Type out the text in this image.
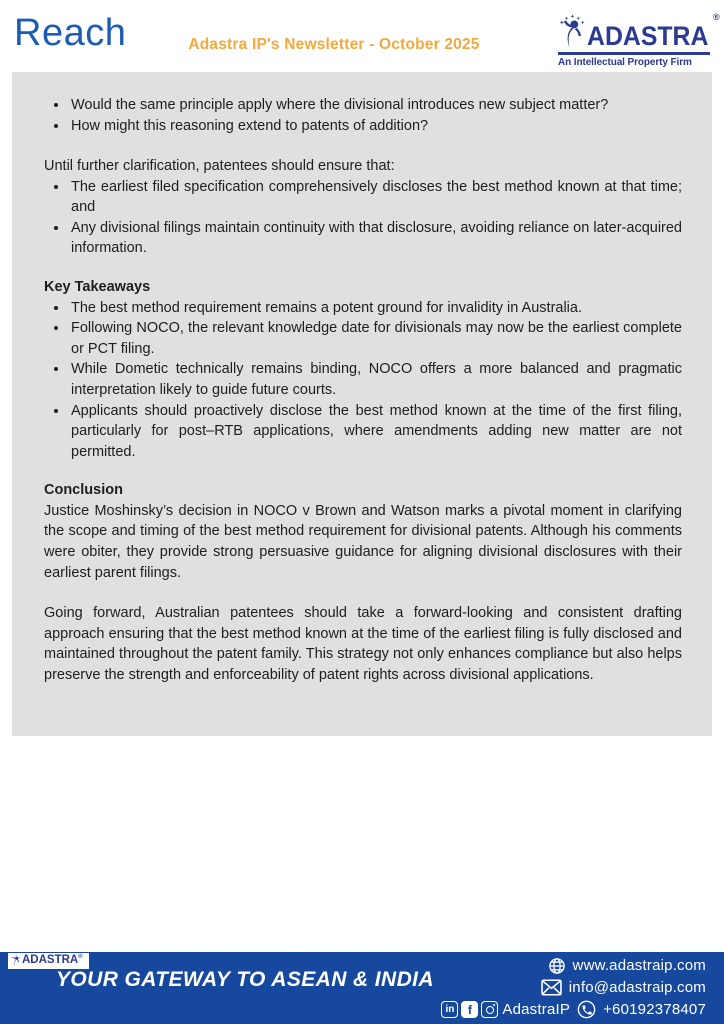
Reach	Adastra IP's Newsletter - October 2025	ADASTRA
®
An Intellectual Property Firm
• Would the same principle apply where the divisional introduces new subject matter?
• How might this reasoning extend to patents of addition?
Until further clarification, patentees should ensure that:
• The earliest filed specification comprehensively discloses the best method known at that time; and
• Any divisional filings maintain continuity with that disclosure, avoiding reliance on later-acquired information.
Key Takeaways
• The best method requirement remains a potent ground for invalidity in Australia.
• Following NOCO, the relevant knowledge date for divisionals may now be the earliest complete or PCT filing.
• While Dometic technically remains binding, NOCO offers a more balanced and pragmatic interpretation likely to guide future courts.
• Applicants should proactively disclose the best method known at the time of the first filing, particularly for post–RTB applications, where amendments adding new matter are not permitted.
Conclusion

Justice Moshinsky’s decision in NOCO v Brown and Watson marks a pivotal moment in clarifying the scope and timing of the best method requirement for divisional patents. Although his comments were obiter, they provide strong persuasive guidance for aligning divisional disclosures with their earliest parent filings.

Going forward, Australian patentees should take a forward-looking and consistent drafting approach ensuring that the best method known at the time of the earliest filing is fully disclosed and maintained throughout the patent family. This strategy not only enhances compliance but also helps preserve the strength and enforceability of patent rights across divisional applications.

ADASTRA ®
YOUR GATEWAY TO ASEAN & INDIA
www.adastraip.com
info@adastraip.com
in	f	AdastraIP +60192378407
